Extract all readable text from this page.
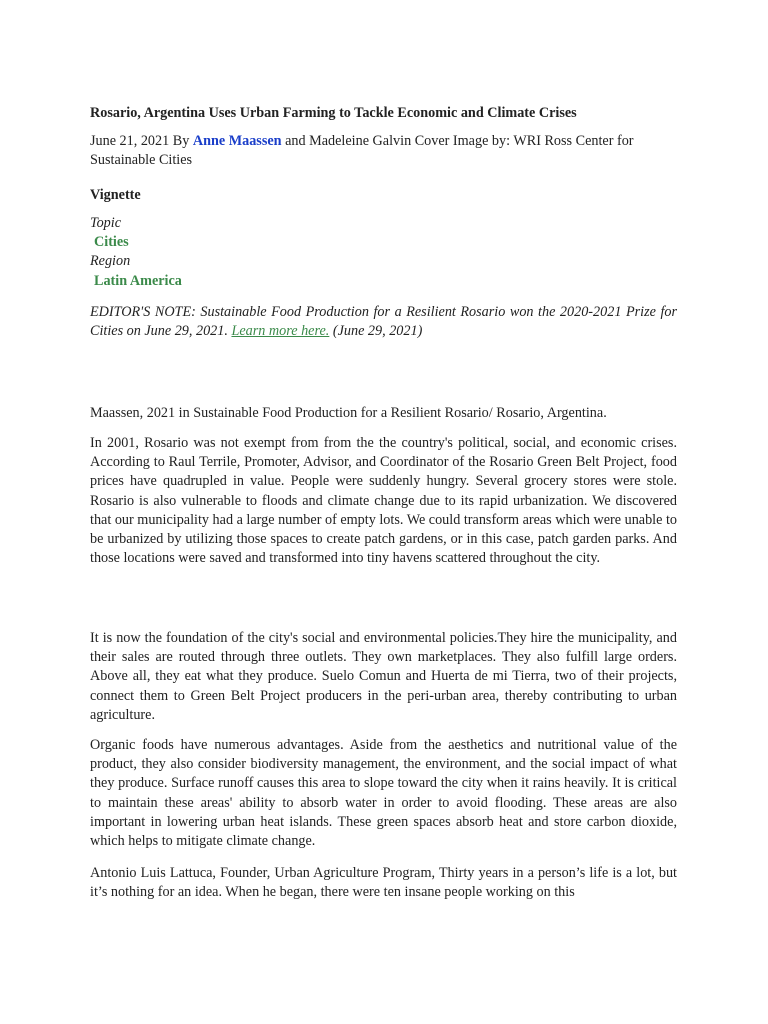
Rosario, Argentina Uses Urban Farming to Tackle Economic and Climate Crises

June 21, 2021 By Anne Maassen and Madeleine Galvin Cover Image by: WRI Ross Center for Sustainable Cities

Vignette

Topic
Cities
Region
Latin America

EDITOR'S NOTE: Sustainable Food Production for a Resilient Rosario won the 2020-2021 Prize for Cities on June 29, 2021. Learn more here. (June 29, 2021)

Maassen, 2021 in Sustainable Food Production for a Resilient Rosario/ Rosario, Argentina.

In 2001, Rosario was not exempt from from the the country's political, social, and economic crises. According to Raul Terrile, Promoter, Advisor, and Coordinator of the Rosario Green Belt Project, food prices have quadrupled in value. People were suddenly hungry. Several grocery stores were stole. Rosario is also vulnerable to floods and climate change due to its rapid urbanization. We discovered that our municipality had a large number of empty lots. We could transform areas which were unable to be urbanized by utilizing those spaces to create patch gardens, or in this case, patch garden parks. And those locations were saved and transformed into tiny havens scattered throughout the city.

It is now the foundation of the city's social and environmental policies.They hire the municipality, and their sales are routed through three outlets. They own marketplaces. They also fulfill large orders. Above all, they eat what they produce. Suelo Comun and Huerta de mi Tierra, two of their projects, connect them to Green Belt Project producers in the peri-urban area, thereby contributing to urban agriculture.

Organic foods have numerous advantages. Aside from the aesthetics and nutritional value of the product, they also consider biodiversity management, the environment, and the social impact of what they produce. Surface runoff causes this area to slope toward the city when it rains heavily. It is critical to maintain these areas' ability to absorb water in order to avoid flooding. These areas are also important in lowering urban heat islands. These green spaces absorb heat and store carbon dioxide, which helps to mitigate climate change.

Antonio Luis Lattuca, Founder, Urban Agriculture Program, Thirty years in a person’s life is a lot, but it’s nothing for an idea. When he began, there were ten insane people working on this
